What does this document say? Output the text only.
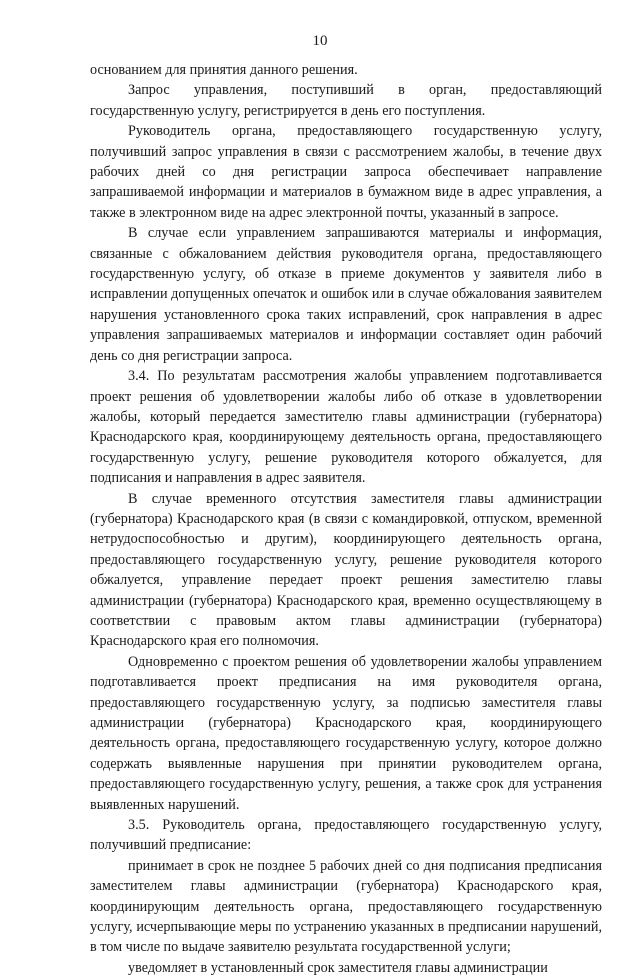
10

основанием для принятия данного решения.

Запрос управления, поступивший в орган, предоставляющий государственную услугу, регистрируется в день его поступления.

Руководитель органа, предоставляющего государственную услугу, получивший запрос управления в связи с рассмотрением жалобы, в течение двух рабочих дней со дня регистрации запроса обеспечивает направление запрашиваемой информации и материалов в бумажном виде в адрес управления, а также в электронном виде на адрес электронной почты, указанный в запросе.

В случае если управлением запрашиваются материалы и информация, связанные с обжалованием действия руководителя органа, предоставляющего государственную услугу, об отказе в приеме документов у заявителя либо в исправлении допущенных опечаток и ошибок или в случае обжалования заявителем нарушения установленного срока таких исправлений, срок направления в адрес управления запрашиваемых материалов и информации составляет один рабочий день со дня регистрации запроса.

3.4. По результатам рассмотрения жалобы управлением подготавливается проект решения об удовлетворении жалобы либо об отказе в удовлетворении жалобы, который передается заместителю главы администрации (губернатора) Краснодарского края, координирующему деятельность органа, предоставляющего государственную услугу, решение руководителя которого обжалуется, для подписания и направления в адрес заявителя.

В случае временного отсутствия заместителя главы администрации (губернатора) Краснодарского края (в связи с командировкой, отпуском, временной нетрудоспособностью и другим), координирующего деятельность органа, предоставляющего государственную услугу, решение руководителя которого обжалуется, управление передает проект решения заместителю главы администрации (губернатора) Краснодарского края, временно осуществляющему в соответствии с правовым актом главы администрации (губернатора) Краснодарского края его полномочия.

Одновременно с проектом решения об удовлетворении жалобы управлением подготавливается проект предписания на имя руководителя органа, предоставляющего государственную услугу, за подписью заместителя главы администрации (губернатора) Краснодарского края, координирующего деятельность органа, предоставляющего государственную услугу, которое должно содержать выявленные нарушения при принятии руководителем органа, предоставляющего государственную услугу, решения, а также срок для устранения выявленных нарушений.

3.5. Руководитель органа, предоставляющего государственную услугу, получивший предписание:

принимает в срок не позднее 5 рабочих дней со дня подписания предписания заместителем главы администрации (губернатора) Краснодарского края, координирующим деятельность органа, предоставляющего государственную услугу, исчерпывающие меры по устранению указанных в предписании нарушений, в том числе по выдаче заявителю результата государственной услуги;

уведомляет в установленный срок заместителя главы администрации
